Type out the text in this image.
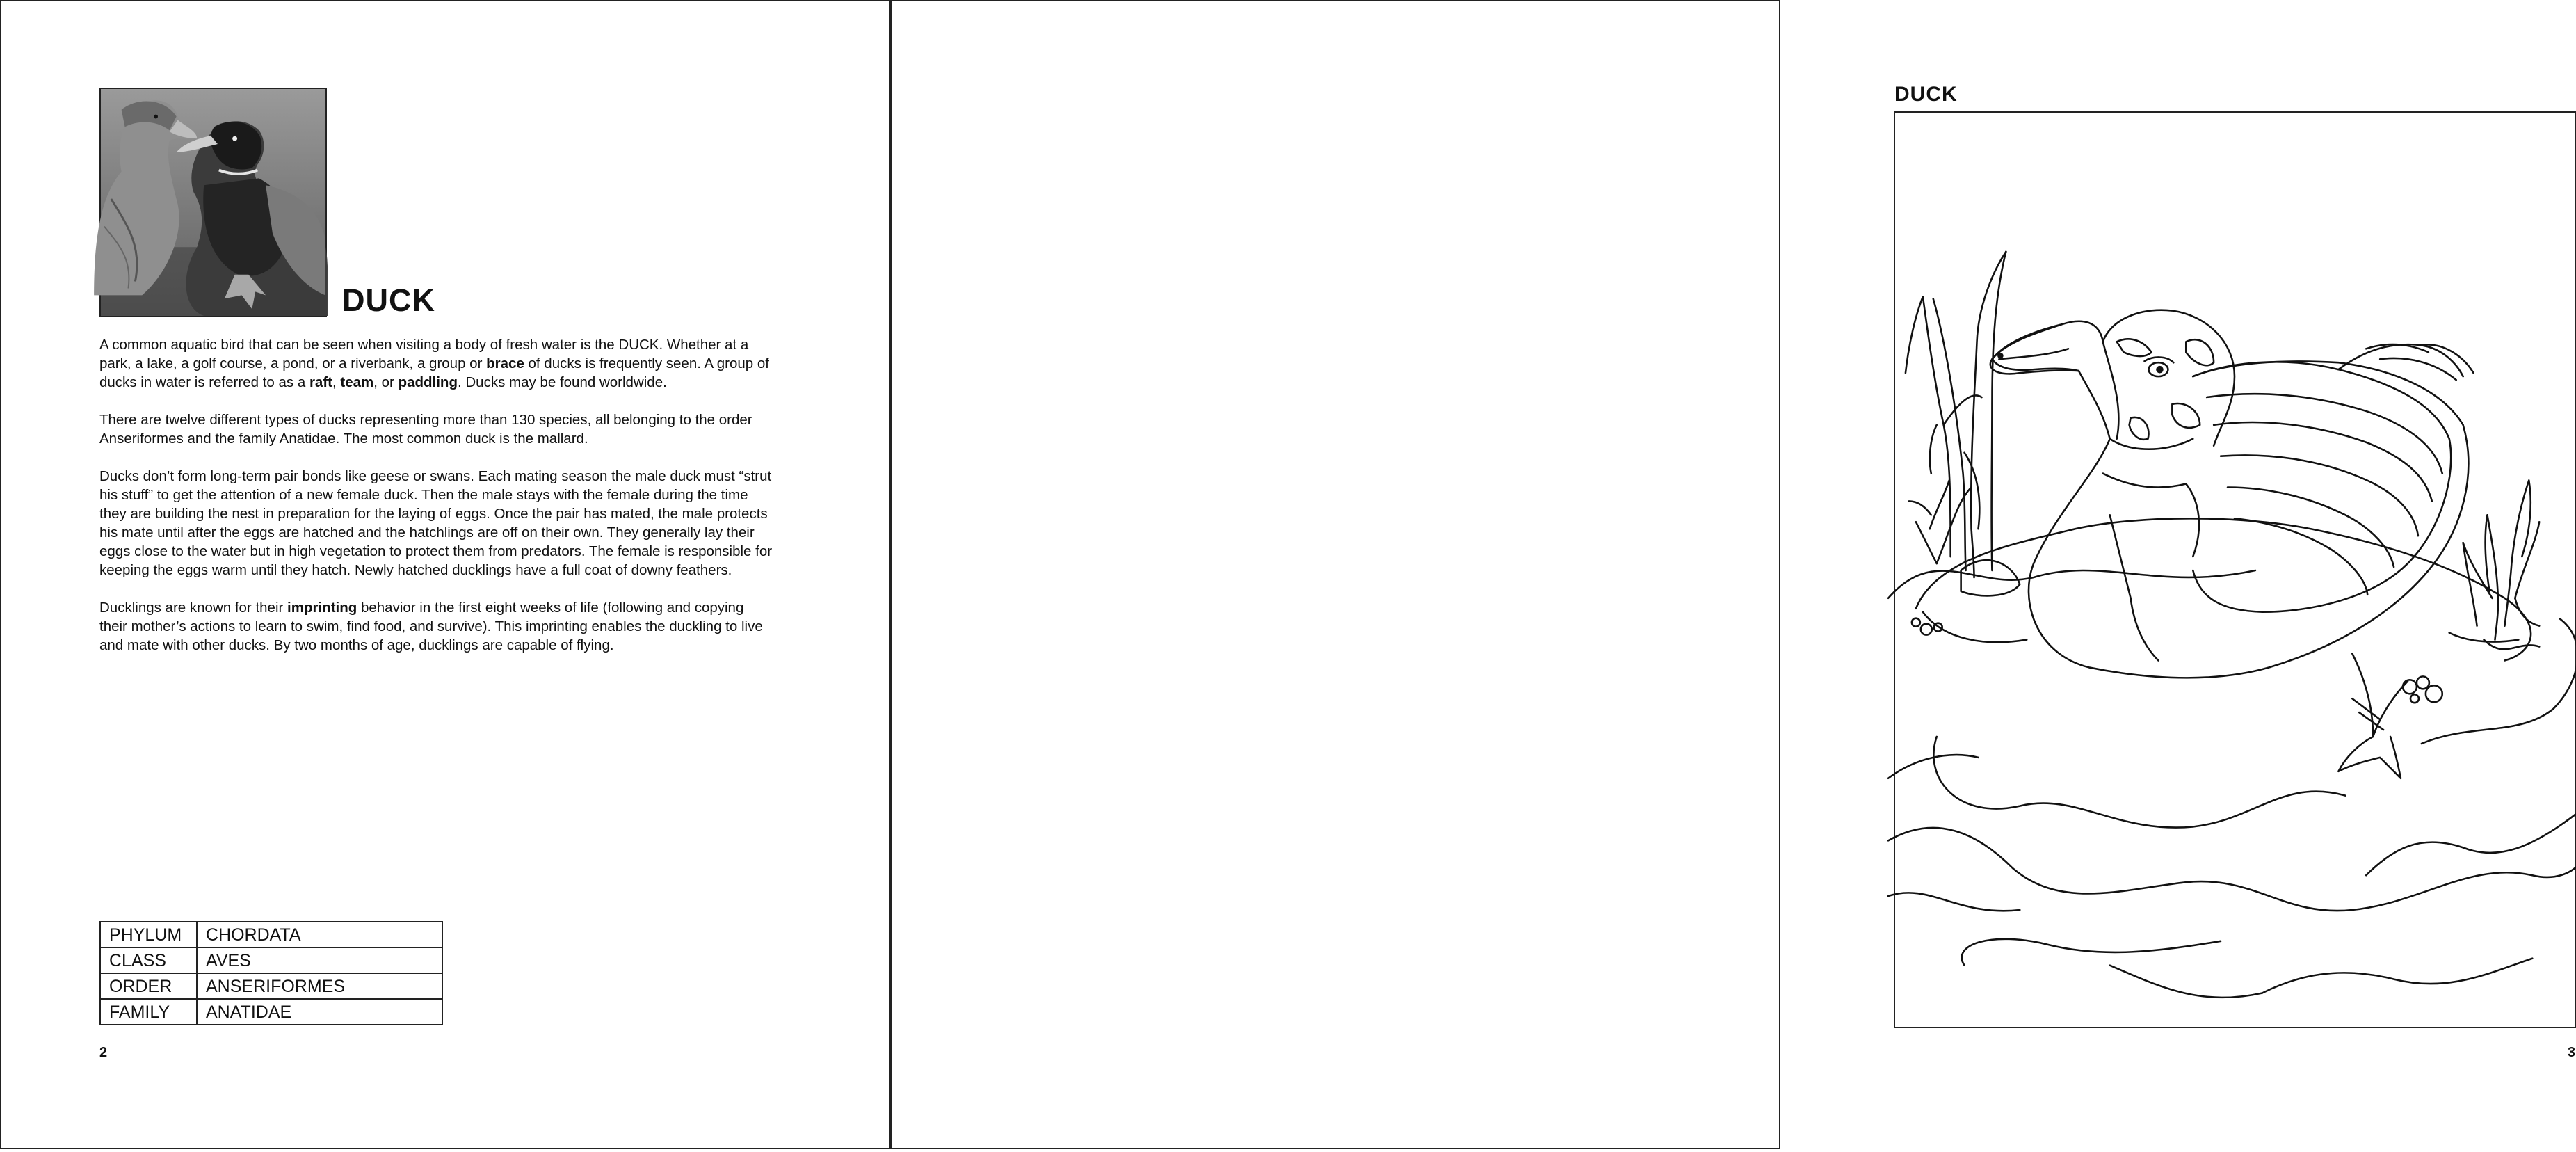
DUCK

A common aquatic bird that can be seen when visiting a body of fresh water is the DUCK. Whether at a park, a lake, a golf course, a pond, or a riverbank, a group or brace of ducks is frequently seen. A group of ducks in water is referred to as a raft, team, or paddling. Ducks may be found worldwide.

There are twelve different types of ducks representing more than 130 species, all belonging to the order Anseriformes and the family Anatidae. The most common duck is the mallard.

Ducks don’t form long-term pair bonds like geese or swans. Each mating season the male duck must “strut his stuff” to get the attention of a new female duck. Then the male stays with the female during the time they are building the nest in preparation for the laying of eggs. Once the pair has mated, the male protects his mate until after the eggs are hatched and the hatchlings are off on their own. They generally lay their eggs close to the water but in high vegetation to protect them from predators. The female is responsible for keeping the eggs warm until they hatch. Newly hatched ducklings have a full coat of downy feathers.

Ducklings are known for their imprinting behavior in the first eight weeks of life (following and copying their mother’s actions to learn to swim, find food, and survive). This imprinting enables the duckling to live and mate with other ducks. By two months of age, ducklings are capable of flying.

PHYLUM	CHORDATA
CLASS	AVES
ORDER	ANSERIFORMES
FAMILY	ANATIDAE
2
DUCK
3
